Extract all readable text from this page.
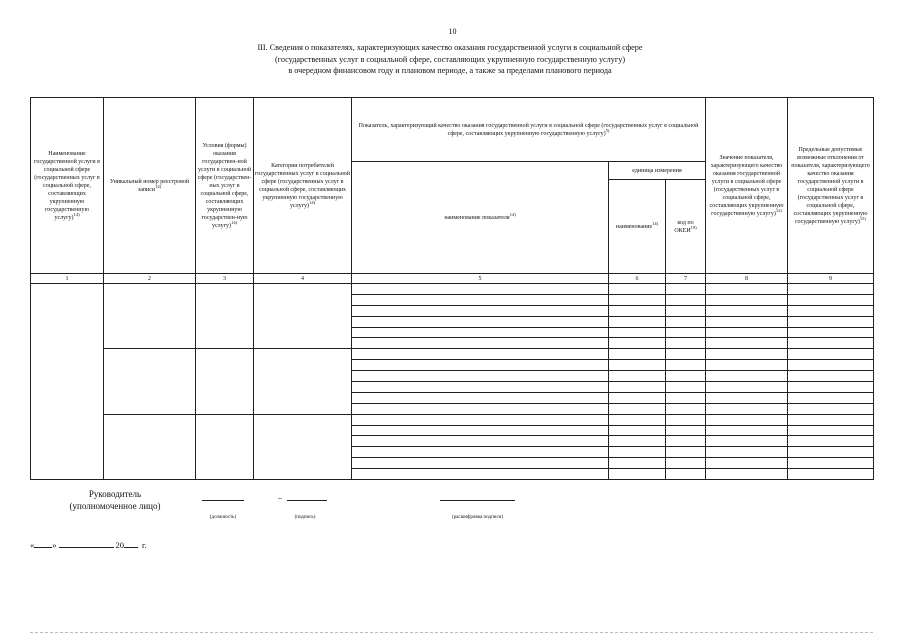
10
III. Сведения о показателях, характеризующих качество оказания государственной услуги в социальной сфере
(государственных услуг в социальной сфере, составляющих укрупненную государственную услугу)
в очередном финансовом году и плановом периоде, а также за пределами планового периода
Наименование государственной услуги в социальной сфере (государственных услуг в социальной сфере, составляющих укрупненную государственную услугу)$^{14)}$	Уникальный номер реестровой записи$^{14)}$	Условия (формы) оказания государствен-ной услуги в социальной сфере (государствен-ных услуг в социальной сфере, составляющих укрупненную государствен-ную услугу)$^{14)}$	Категории потребителей государственных услуг в социальной сфере (государственных услуг в социальной сфере, составляющих укрупненную государственную услугу)$^{14)}$	Показатель, характеризующий качество оказания государственной услуги в социальной сфере (государственных услуг в социальной сфере, составляющих укрупненную государственную услугу)$^{5)}$			Значение показателя, характеризующего качество оказания государственной услуги в социальной сфере (государственных услуг в социальной сфере, составляющих укрупненную государственную услугу)$^{12)}$	Предельные допустимые возможные отклонения от показателя, характеризующего качество оказания государственной услуги в социальной сфере (государственных услуг в социальной сфере, составляющих укрупненную государственную услугу)$^{15)}$
				наименование показателя$^{14)}$	единица измерения			
					наименование$^{14)}$	код по ОКЕИ$^{19)}$
1	2	3	4	5	6	7	8	9

Руководитель
(уполномоченное лицо)
(должность)
–
(подпись)	(расшифровка подписи)
« »	20 г.
